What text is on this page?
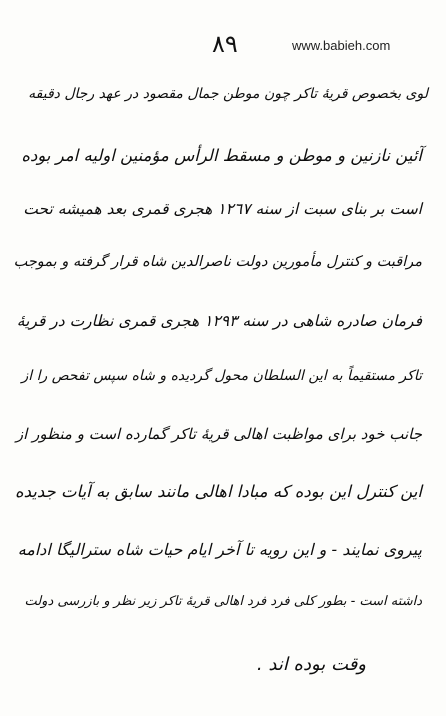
٨٩	www.babieh.com
لوی بخصوص قریهٔ تاکر چون موطن جمال مقصود در عهد رجال دقیقه
آئین نازنین و موطن و مسقط الرأس مؤمنین اولیه امر بوده
است بر بنای سبت از سنه ١٢٦٧ هجری قمری بعد همیشه تحت
مراقبت و کنترل مأمورین دولت ناصرالدین شاه قرار گرفته و بموجب
فرمان صادره شاهی در سنه ١٢٩٣ هجری قمری نظارت در قریهٔ
تاکر مستقیماً به این السلطان محول گردیده و شاه سپس تفحص را از
جانب خود برای مواظبت اهالی قریهٔ تاکر گمارده است و منظور از
این کنترل این بوده که مبادا اهالی مانند سابق به آیات جدیده
پیروی نمایند - و این رویه تا آخر ایام حیات شاه سترالیگا ادامه
داشته است - بطور کلی فرد فرد اهالی قریهٔ تاکر زیر نظر و بازرسی دولت
وقت بوده اند .
